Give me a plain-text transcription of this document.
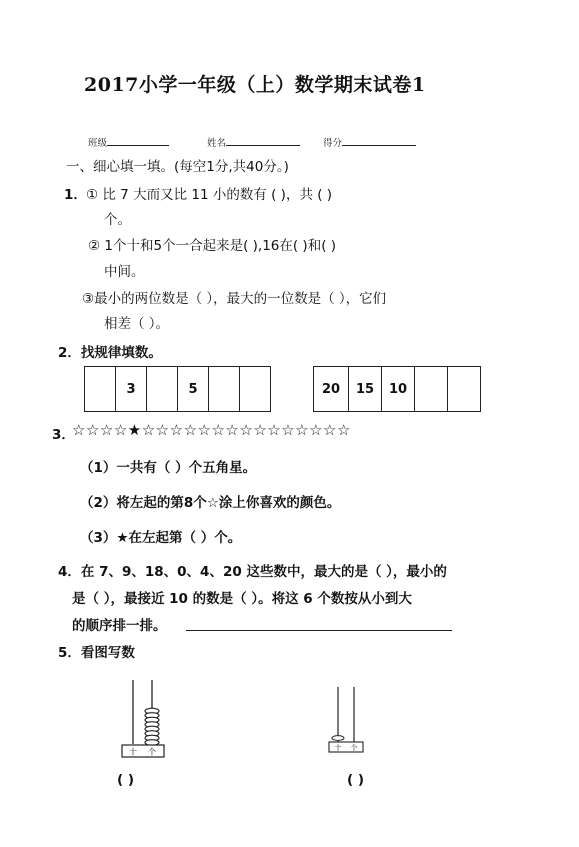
2017小学一年级（上）数学期末试卷1
班级	姓名	得分
一、细心填一填。(每空1分,共40分。)
1． ① 比 7 大而又比 11 小的数有 ( )，共 ( )
个。
② 1个十和5个一合起来是( ),16在( )和( )
中间。
③最小的两位数是（ ），最大的一位数是（ ），它们
相差（ ）。
2．找规律填数。
	3		5			20	15	10		
3．
☆☆☆☆★☆☆☆☆☆☆☆☆☆☆☆☆☆☆☆
（1）一共有（ ）个五角星。
（2）将左起的第8个☆涂上你喜欢的颜色。
（3）★在左起第（ ）个。
4．在 7、9、18、0、4、20 这些数中，最大的是（ ），最小的
是（ ），最接近 10 的数是（ ）。将这 6 个数按从小到大
的顺序排一排。
5．看图写数
十 个
( )
十 个
( )
